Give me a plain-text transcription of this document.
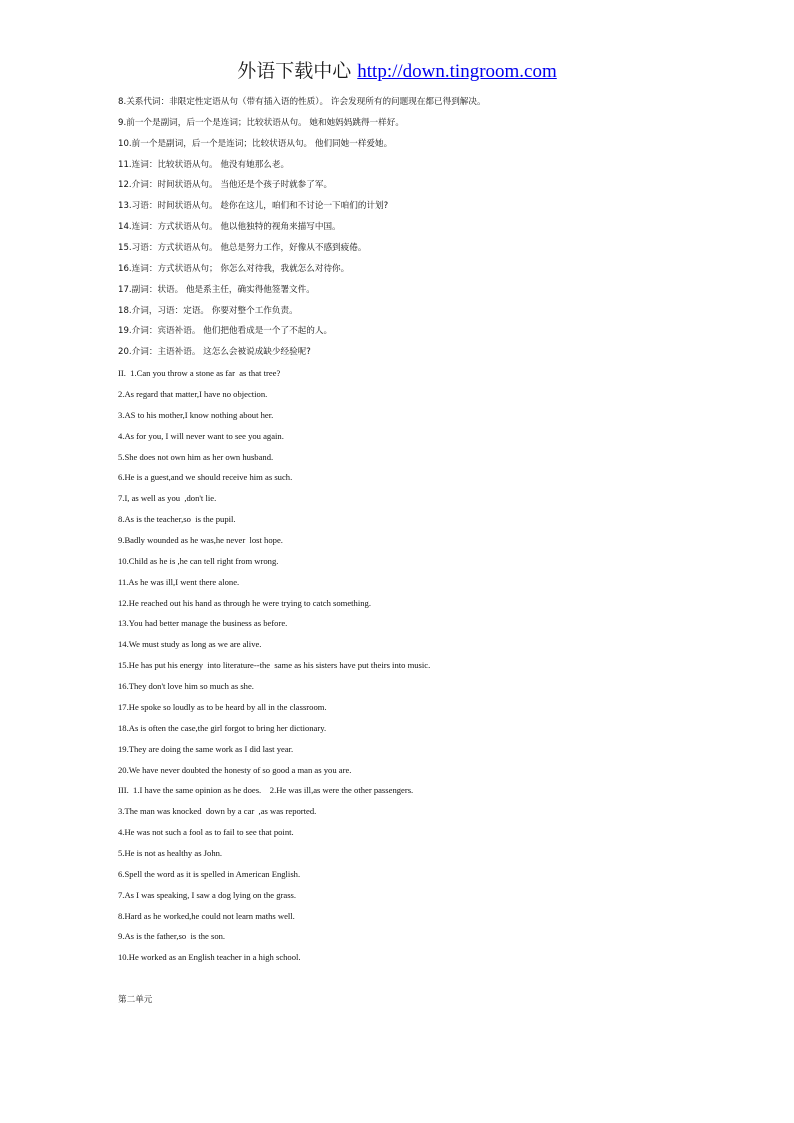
外语下载中心 http://down.tingroom.com
8.关系代词：非限定性定语从句（带有插入语的性质）。 许会发现所有的问题现在都已得到解决。
9.前一个是副词，后一个是连词；比较状语从句。 她和她妈妈跳得一样好。
10.前一个是副词，后一个是连词；比较状语从句。 他们同她一样爱她。
11.连词：比较状语从句。 他没有她那么老。
12.介词：时间状语从句。 当他还是个孩子时就参了军。
13.习语：时间状语从句。 趁你在这儿，咱们和不讨论一下咱们的计划?
14.连词：方式状语从句。 他以他独特的视角来描写中国。
15.习语：方式状语从句。 他总是努力工作，好像从不感到疲倦。
16.连词：方式状语从句； 你怎么对待我，我就怎么对待你。
17.副词：状语。 他是系主任，确实得他签署文件。
18.介词，习语：定语。 你要对整个工作负责。
19.介词：宾语补语。 他们把他看成是一个了不起的人。
20.介词：主语补语。 这怎么会被说成缺少经验呢?
II.  1.Can you throw a stone as far  as that tree?
2.As regard that matter,I have no objection.
3.AS to his mother,I know nothing about her.
4.As for you, I will never want to see you again.
5.She does not own him as her own husband.
6.He is a guest,and we should receive him as such.
7.I, as well as you  ,don't lie.
8.As is the teacher,so  is the pupil.
9.Badly wounded as he was,he never  lost hope.
10.Child as he is ,he can tell right from wrong.
11.As he was ill,I went there alone.
12.He reached out his hand as through he were trying to catch something.
13.You had better manage the business as before.
14.We must study as long as we are alive.
15.He has put his energy  into literature--the  same as his sisters have put theirs into music.
16.They don't love him so much as she.
17.He spoke so loudly as to be heard by all in the classroom.
18.As is often the case,the girl forgot to bring her dictionary.
19.They are doing the same work as I did last year.
20.We have never doubted the honesty of so good a man as you are.
III.  1.I have the same opinion as he does.    2.He was ill,as were the other passengers.
3.The man was knocked  down by a car  ,as was reported.
4.He was not such a fool as to fail to see that point.
5.He is not as healthy as John.
6.Spell the word as it is spelled in American English.
7.As I was speaking, I saw a dog lying on the grass.
8.Hard as he worked,he could not learn maths well.
9.As is the father,so  is the son.
10.He worked as an English teacher in a high school.
第二单元
